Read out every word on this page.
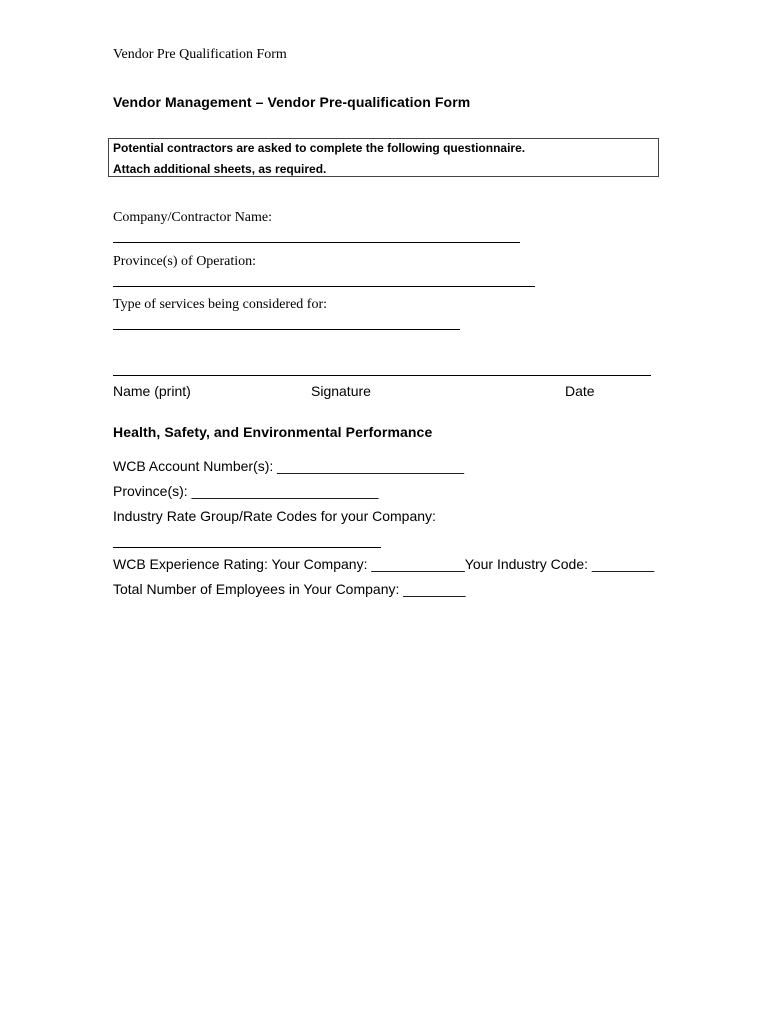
Vendor Pre Qualification Form
Vendor Management – Vendor Pre-qualification Form
Potential contractors are asked to complete the following questionnaire.
Attach additional sheets, as required.
Company/Contractor Name:
Province(s) of Operation:
Type of services being considered for:
Name (print)	Signature	Date
Health, Safety, and Environmental Performance
WCB Account Number(s): ________________________
Province(s): ________________________
Industry Rate Group/Rate Codes for your Company:
WCB Experience Rating: Your Company: ____________Your Industry Code: ________
Total Number of Employees in Your Company: ________
